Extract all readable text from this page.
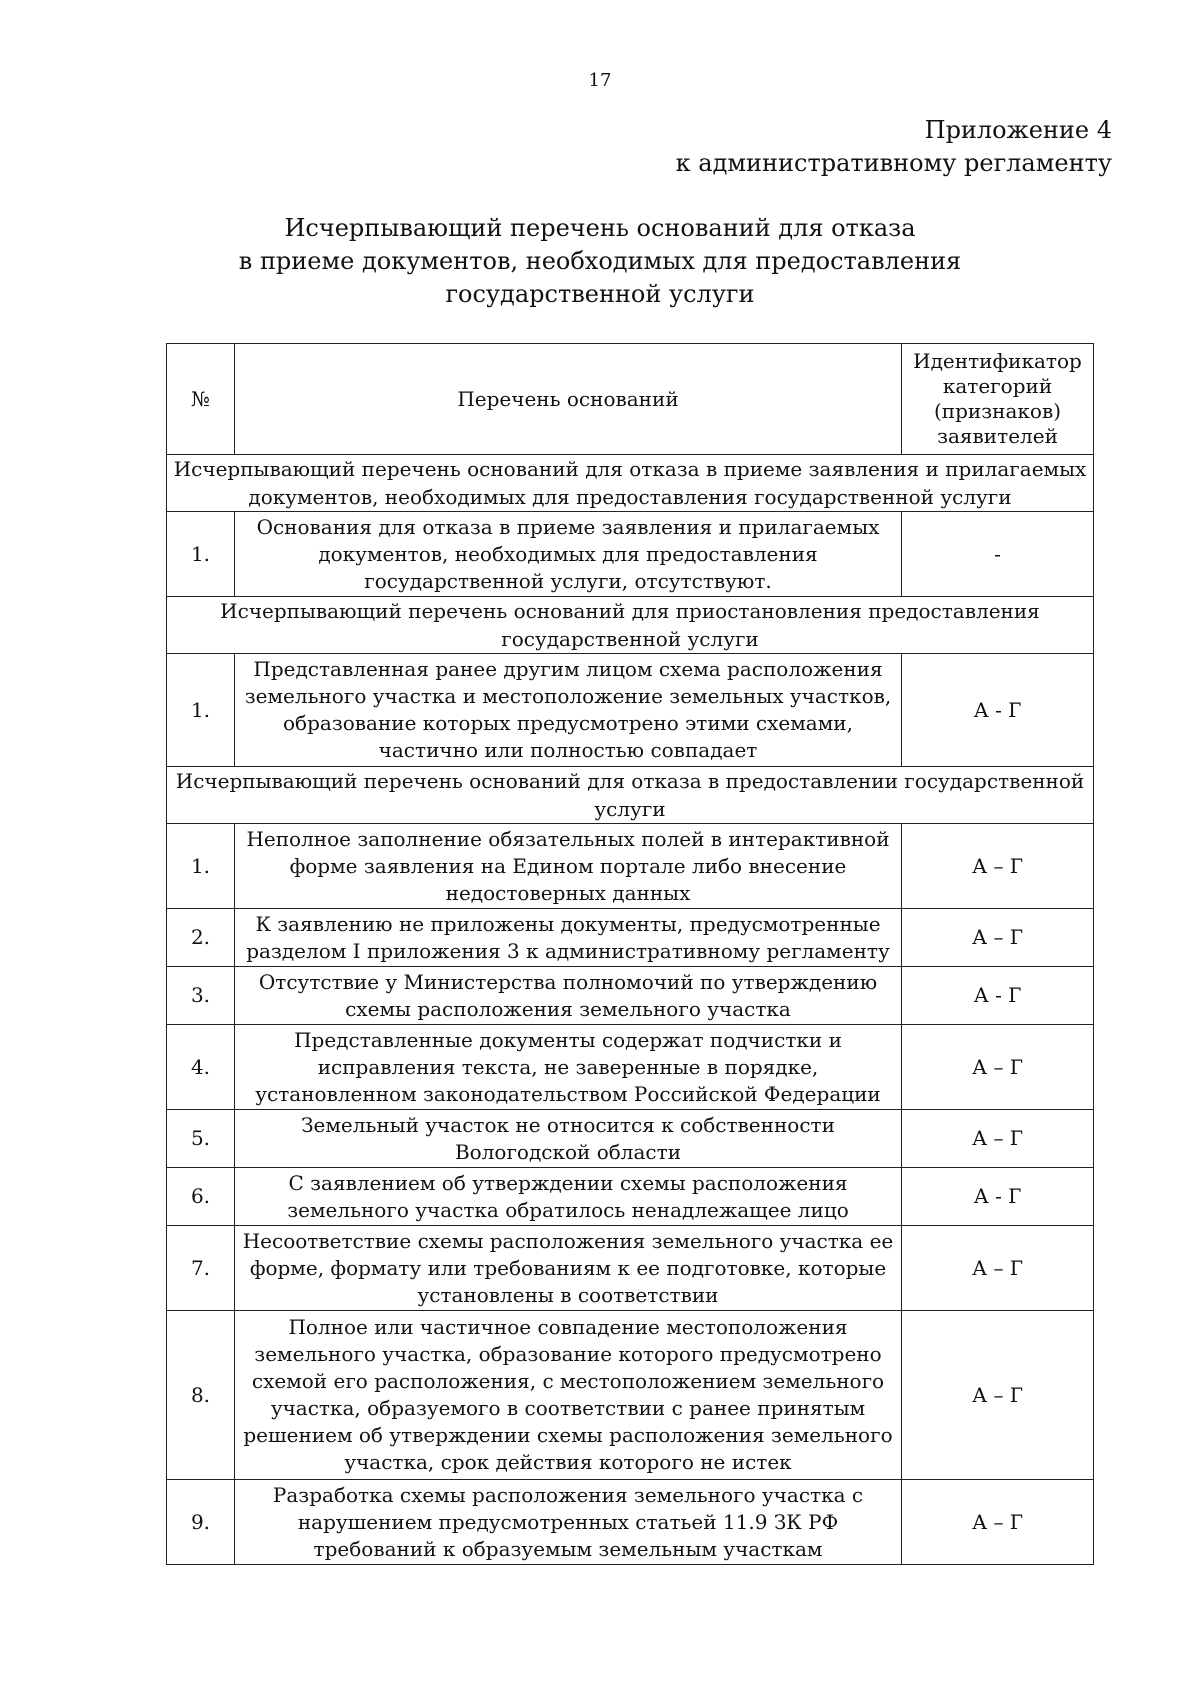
17
Приложение 4
к административному регламенту
Исчерпывающий перечень оснований для отказа
в приеме документов, необходимых для предоставления
государственной услуги
№	Перечень оснований	Идентификатор категорий (признаков) заявителей
Исчерпывающий перечень оснований для отказа в приеме заявления и прилагаемых документов, необходимых для предоставления государственной услуги		
1.	Основания для отказа в приеме заявления и прилагаемых документов, необходимых для предоставления государственной услуги, отсутствуют.	-
Исчерпывающий перечень оснований для приостановления предоставления государственной услуги		
1.	Представленная ранее другим лицом схема расположения земельного участка и местоположение земельных участков, образование которых предусмотрено этими схемами, частично или полностью совпадает	А - Г
Исчерпывающий перечень оснований для отказа в предоставлении государственной услуги		
1.	Неполное заполнение обязательных полей в интерактивной форме заявления на Едином портале либо внесение недостоверных данных	А – Г
2.	К заявлению не приложены документы, предусмотренные разделом I приложения 3 к административному регламенту	А – Г
3.	Отсутствие у Министерства полномочий по утверждению схемы расположения земельного участка	А - Г
4.	Представленные документы содержат подчистки и исправления текста, не заверенные в порядке, установленном законодательством Российской Федерации	А – Г
5.	Земельный участок не относится к собственности Вологодской области	А – Г
6.	С заявлением об утверждении схемы расположения земельного участка обратилось ненадлежащее лицо	А - Г
7.	Несоответствие схемы расположения земельного участка ее форме, формату или требованиям к ее подготовке, которые установлены в соответствии	А – Г
8.	Полное или частичное совпадение местоположения земельного участка, образование которого предусмотрено схемой его расположения, с местоположением земельного участка, образуемого в соответствии с ранее принятым решением об утверждении схемы расположения земельного участка, срок действия которого не истек	А – Г
9.	Разработка схемы расположения земельного участка с нарушением предусмотренных статьей 11.9 ЗК РФ требований к образуемым земельным участкам	А – Г
